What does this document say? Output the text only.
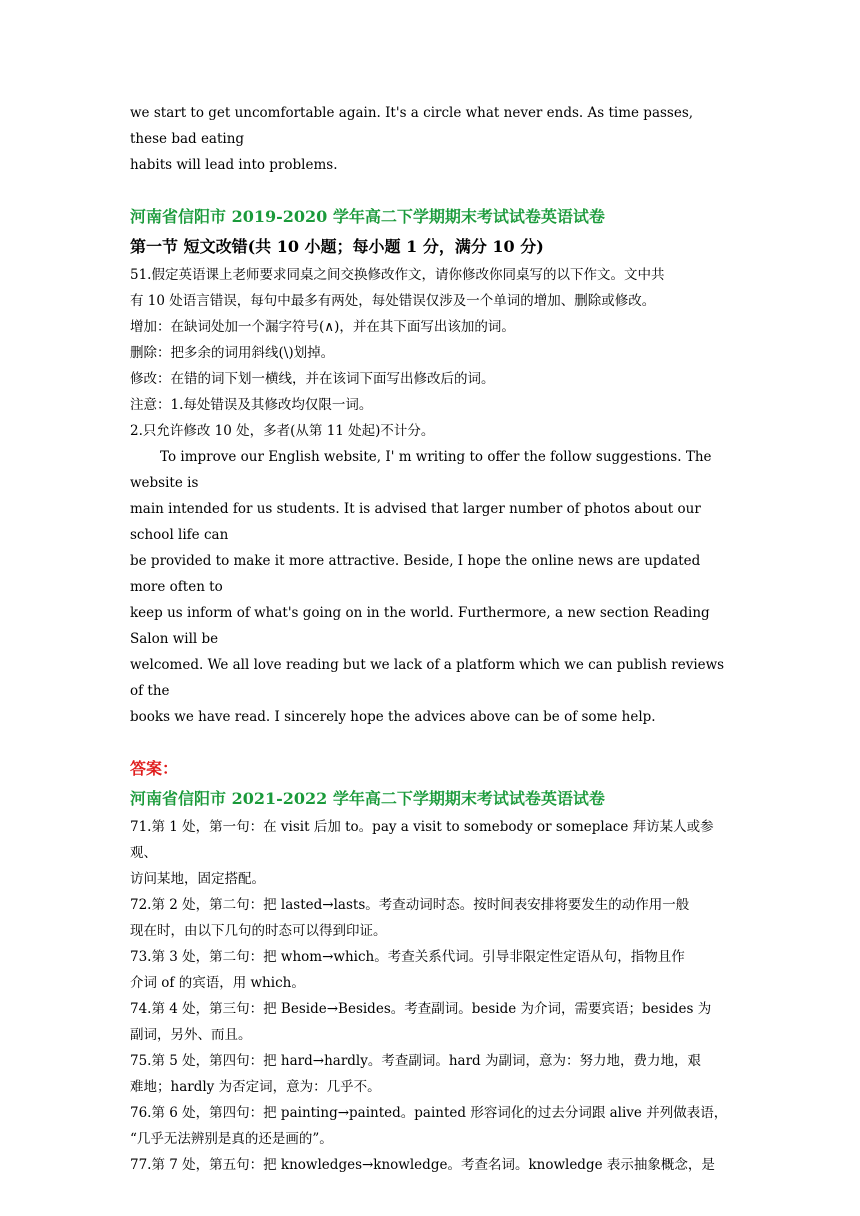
we start to get uncomfortable again. It's a circle what never ends. As time passes, these bad eating

habits will lead into problems.

河南省信阳市 2019-2020 学年高二下学期期末考试试卷英语试卷

第一节 短文改错(共 10 小题；每小题 1 分，满分 10 分)

51.假定英语课上老师要求同桌之间交换修改作文，请你修改你同桌写的以下作文。文中共

有 10 处语言错误，每句中最多有两处，每处错误仅涉及一个单词的增加、删除或修改。

增加：在缺词处加一个漏字符号(∧)，并在其下面写出该加的词。

删除：把多余的词用斜线(\)划掉。

修改：在错的词下划一横线，并在该词下面写出修改后的词。

注意：1.每处错误及其修改均仅限一词。

2.只允许修改 10 处，多者(从第 11 处起)不计分。

To improve our English website, I' m writing to offer the follow suggestions. The website is

main intended for us students. It is advised that larger number of photos about our school life can

be provided to make it more attractive. Beside, I hope the online news are updated more often to

keep us inform of what's going on in the world. Furthermore, a new section Reading Salon will be

welcomed. We all love reading but we lack of a platform which we can publish reviews of the

books we have read. I sincerely hope the advices above can be of some help.

答案：

河南省信阳市 2021-2022 学年高二下学期期末考试试卷英语试卷

71.第 1 处，第一句：在 visit 后加 to。pay a visit to somebody or someplace 拜访某人或参观、

访问某地，固定搭配。

72.第 2 处，第二句：把 lasted→lasts。考查动词时态。按时间表安排将要发生的动作用一般

现在时，由以下几句的时态可以得到印证。

73.第 3 处，第二句：把 whom→which。考查关系代词。引导非限定性定语从句，指物且作

介词 of 的宾语，用 which。

74.第 4 处，第三句：把 Beside→Besides。考查副词。beside 为介词，需要宾语；besides 为

副词，另外、而且。

75.第 5 处，第四句：把 hard→hardly。考查副词。hard 为副词，意为：努力地，费力地，艰

难地；hardly 为否定词，意为：几乎不。

76.第 6 处，第四句：把 painting→painted。painted 形容词化的过去分词跟 alive 并列做表语，

“几乎无法辨别是真的还是画的”。

77.第 7 处，第五句：把 knowledges→knowledge。考查名词。knowledge 表示抽象概念，是
